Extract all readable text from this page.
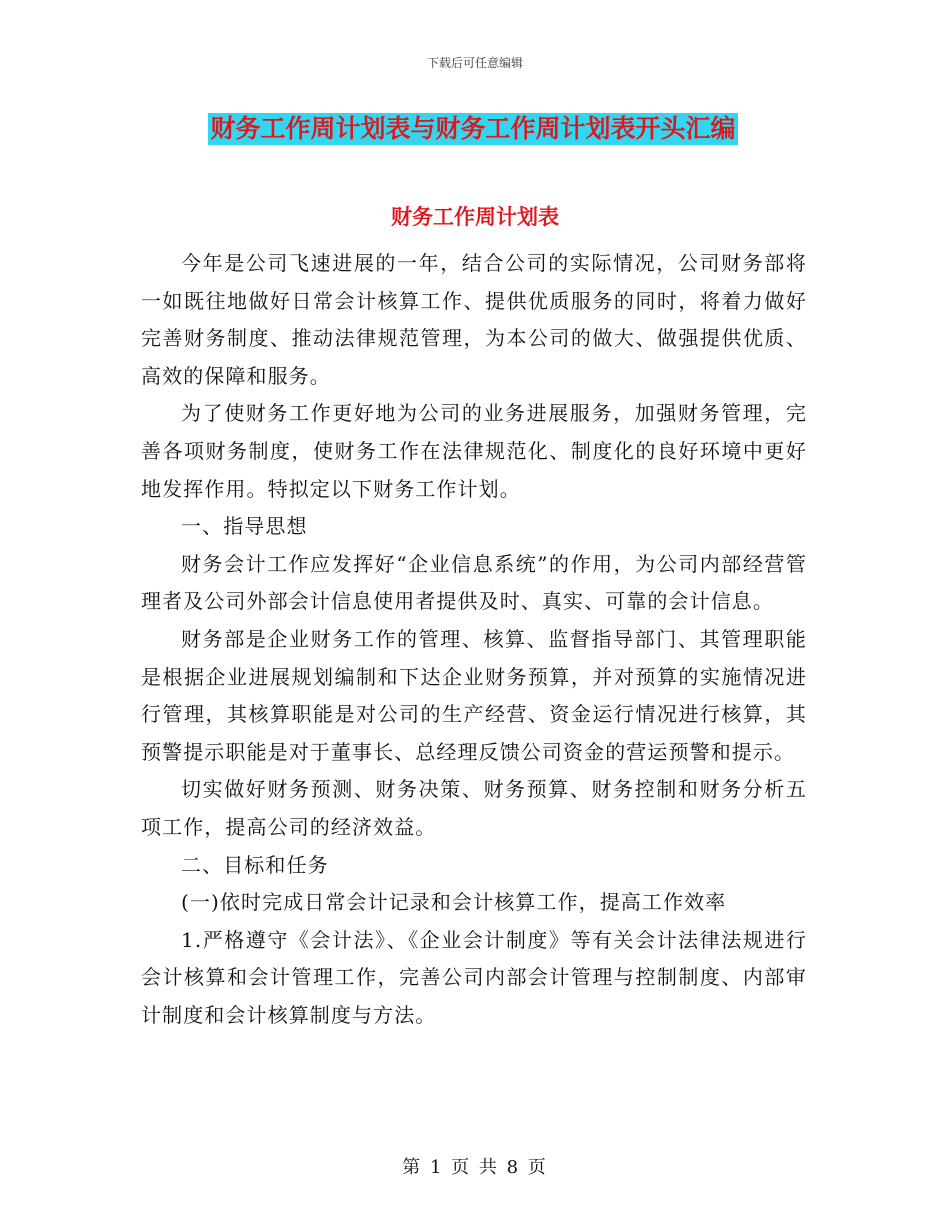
下载后可任意编辑
财务工作周计划表与财务工作周计划表开头汇编
财务工作周计划表

今年是公司飞速进展的一年，结合公司的实际情况，公司财务部将一如既往地做好日常会计核算工作、提供优质服务的同时，将着力做好完善财务制度、推动法律规范管理，为本公司的做大、做强提供优质、高效的保障和服务。

为了使财务工作更好地为公司的业务进展服务，加强财务管理，完善各项财务制度，使财务工作在法律规范化、制度化的良好环境中更好地发挥作用。特拟定以下财务工作计划。

一、指导思想

财务会计工作应发挥好“企业信息系统”的作用，为公司内部经营管理者及公司外部会计信息使用者提供及时、真实、可靠的会计信息。

财务部是企业财务工作的管理、核算、监督指导部门、其管理职能是根据企业进展规划编制和下达企业财务预算，并对预算的实施情况进行管理，其核算职能是对公司的生产经营、资金运行情况进行核算，其预警提示职能是对于董事长、总经理反馈公司资金的营运预警和提示。

切实做好财务预测、财务决策、财务预算、财务控制和财务分析五项工作，提高公司的经济效益。

二、目标和任务

(一)依时完成日常会计记录和会计核算工作，提高工作效率

1.严格遵守《会计法》、《企业会计制度》等有关会计法律法规进行会计核算和会计管理工作，完善公司内部会计管理与控制制度、内部审计制度和会计核算制度与方法。

第 1 页 共 8 页
